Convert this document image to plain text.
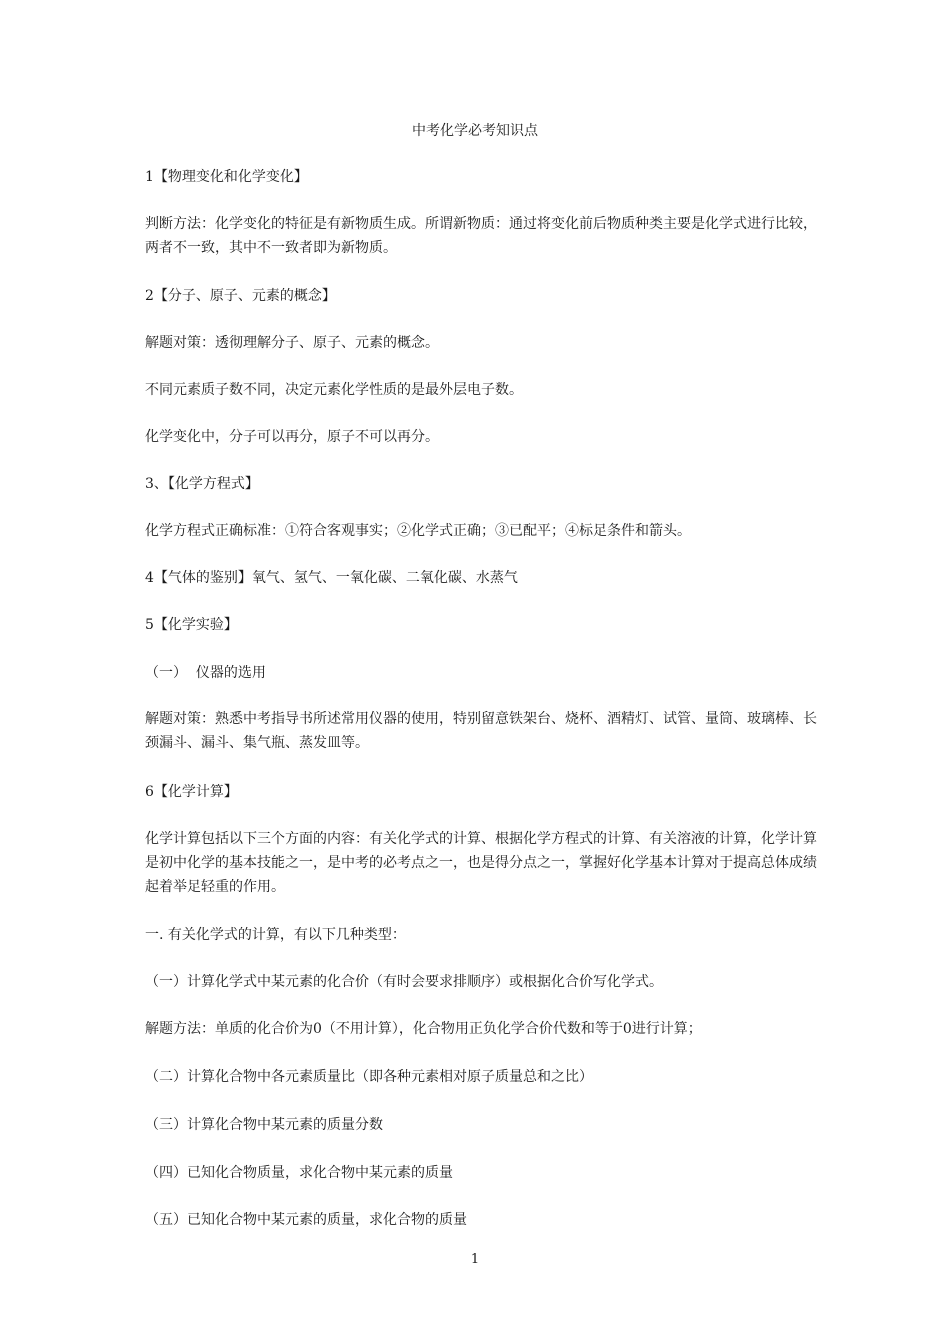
中考化学必考知识点
1【物理变化和化学变化】
判断方法：化学变化的特征是有新物质生成。所谓新物质：通过将变化前后物质种类主要是化学式进行比较，两者不一致，其中不一致者即为新物质。
2【分子、原子、元素的概念】
解题对策：透彻理解分子、原子、元素的概念。
不同元素质子数不同，决定元素化学性质的是最外层电子数。
化学变化中，分子可以再分，原子不可以再分。
3、【化学方程式】
化学方程式正确标准：①符合客观事实；②化学式正确；③已配平；④标足条件和箭头。
4【气体的鉴别】氧气、氢气、一氧化碳、二氧化碳、水蒸气
5【化学实验】
（一）  仪器的选用
解题对策：熟悉中考指导书所述常用仪器的使用，特别留意铁架台、烧杯、酒精灯、试管、量筒、玻璃棒、长颈漏斗、漏斗、集气瓶、蒸发皿等。
6【化学计算】
化学计算包括以下三个方面的内容：有关化学式的计算、根据化学方程式的计算、有关溶液的计算，化学计算是初中化学的基本技能之一，是中考的必考点之一，也是得分点之一，掌握好化学基本计算对于提高总体成绩起着举足轻重的作用。
一. 有关化学式的计算，有以下几种类型：
（一）计算化学式中某元素的化合价（有时会要求排顺序）或根据化合价写化学式。
解题方法：单质的化合价为0（不用计算），化合物用正负化学合价代数和等于0进行计算；
（二）计算化合物中各元素质量比（即各种元素相对原子质量总和之比）
（三）计算化合物中某元素的质量分数
（四）已知化合物质量，求化合物中某元素的质量
（五）已知化合物中某元素的质量，求化合物的质量
1
